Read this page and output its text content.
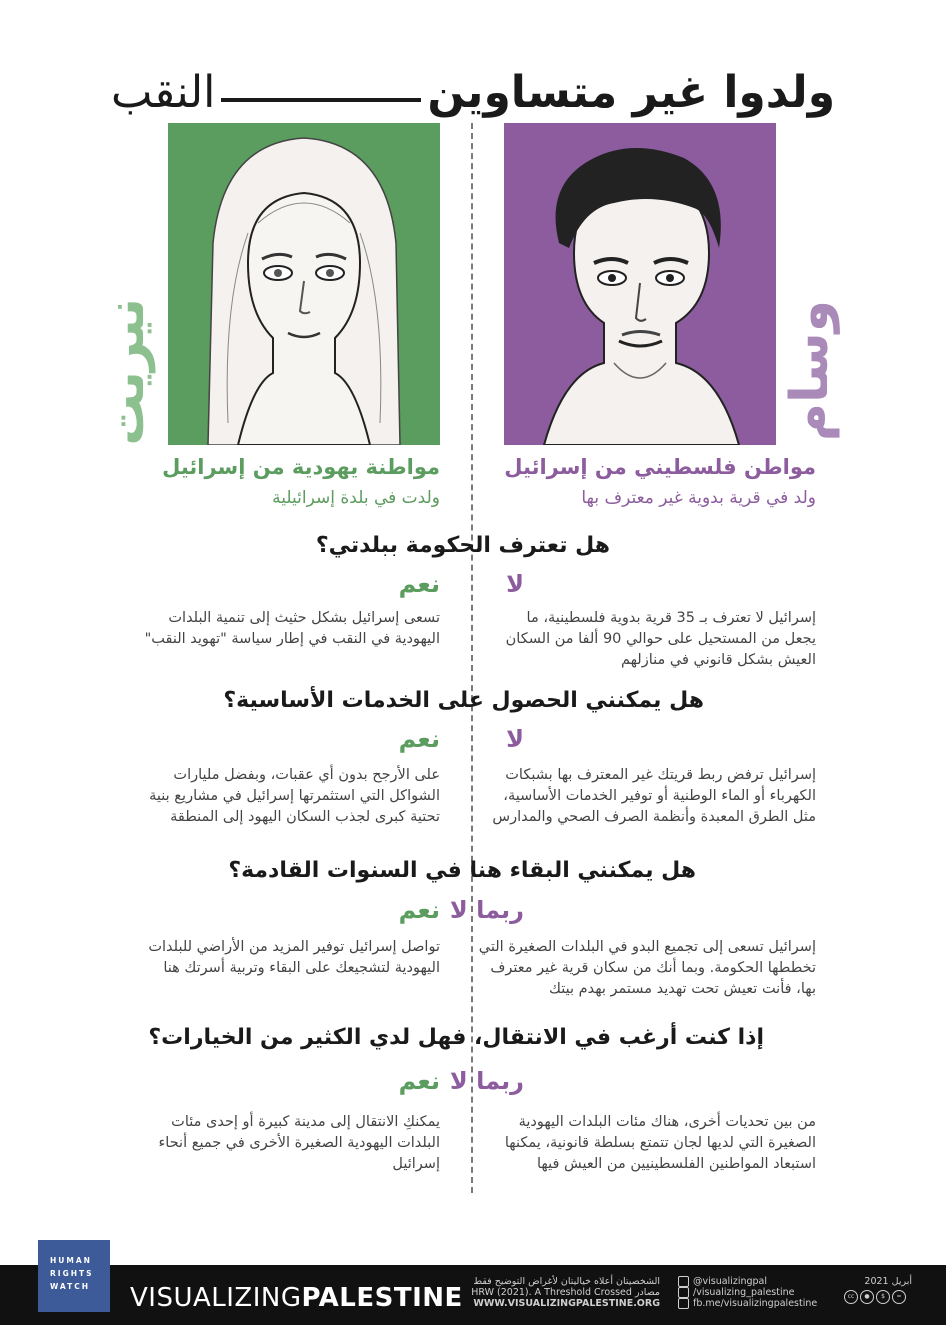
ولدوا غير متساوين
النقب
وسام
نيريت
مواطن فلسطيني من إسرائيل
ولد في قرية بدوية غير معترف بها
مواطنة يهودية من إسرائيل
ولدت في بلدة إسرائيلية
هل تعترف الحكومة ببلدتي؟
لا
نعم
إسرائيل لا تعترف بـ 35 قرية بدوية فلسطينية، ما
يجعل من المستحيل على حوالي 90 ألفا من السكان
العيش بشكل قانوني في منازلهم
تسعى إسرائيل بشكل حثيث إلى تنمية البلدات
اليهودية في النقب في إطار سياسة "تهويد النقب"
هل يمكنني الحصول على الخدمات الأساسية؟
لا
نعم
إسرائيل ترفض ربط قريتك غير المعترف بها بشبكات
الكهرباء أو الماء الوطنية أو توفير الخدمات الأساسية،
مثل الطرق المعبدة وأنظمة الصرف الصحي والمدارس
على الأرجح بدون أي عقبات، وبفضل مليارات
الشواكل التي استثمرتها إسرائيل في مشاريع بنية
تحتية كبرى لجذب السكان اليهود إلى المنطقة
هل يمكنني البقاء هنا في السنوات القادمة؟
ربما لا
نعم
إسرائيل تسعى إلى تجميع البدو في البلدات الصغيرة التي
تخططها الحكومة. وبما أنك من سكان قرية غير معترف
بها، فأنت تعيش تحت تهديد مستمر بهدم بيتك
تواصل إسرائيل توفير المزيد من الأراضي للبلدات
اليهودية لتشجيعك على البقاء وتربية أسرتك هنا
إذا كنت أرغب في الانتقال، فهل لدي الكثير من الخيارات؟
ربما لا
نعم
من بين تحديات أخرى، هناك مئات البلدات اليهودية
الصغيرة التي لديها لجان تتمتع بسلطة قانونية، يمكنها
استبعاد المواطنين الفلسطينيين من العيش فيها
يمكنكِ الانتقال إلى مدينة كبيرة أو إحدى مئات
البلدات اليهودية الصغيرة الأخرى في جميع أنحاء
إسرائيل
HUMAN
RIGHTS
WATCH	VISUALIZINGPALESTINE
الشخصيتان أعلاه خياليتان لأغراض التوضيح فقط
مصادر HRW (2021). A Threshold Crossed
WWW.VISUALIZINGPALESTINE.ORG
@visualizingpal
/visualizing_palestine
fb.me/visualizingpalestine
أبريل 2021
cc	●	$	=
